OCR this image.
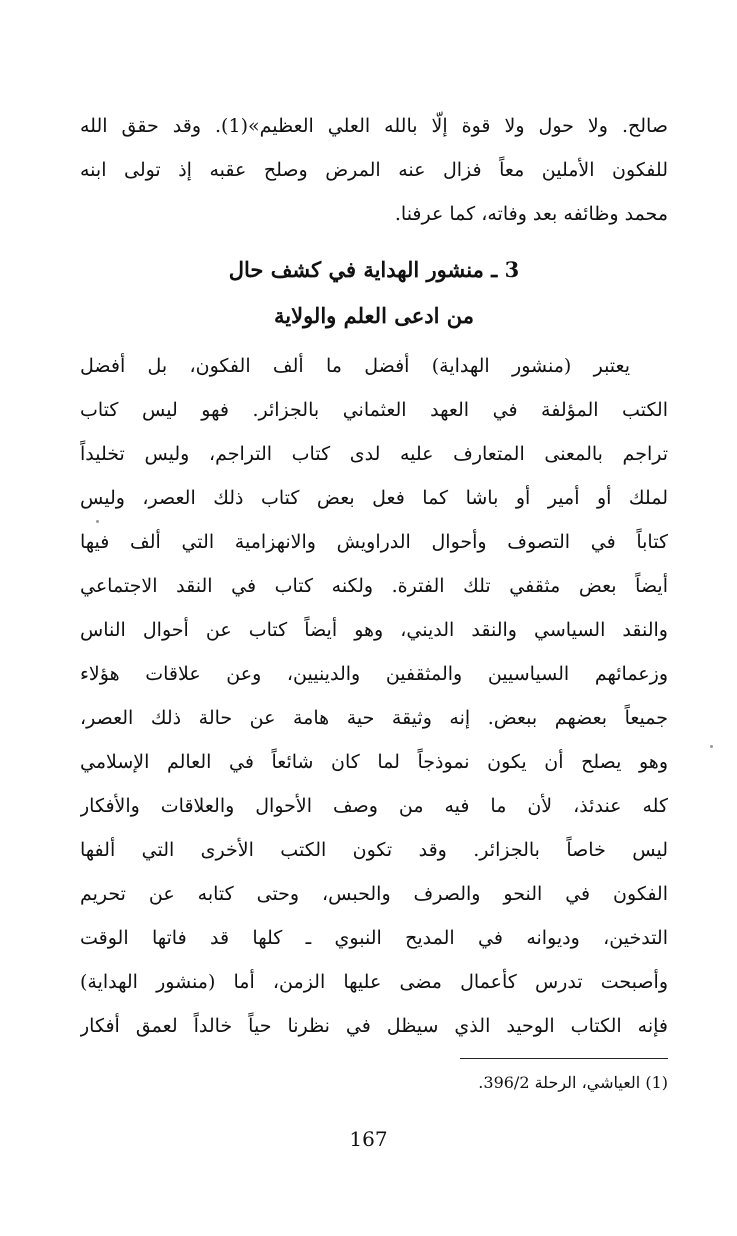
صالح. ولا حول ولا قوة إلّا بالله العلي العظيم»(1). وقد حقق الله
للفكون الأملين معاً فزال عنه المرض وصلح عقبه إذ تولى ابنه
محمد وظائفه بعد وفاته، كما عرفنا.
3 ـ منشور الهداية في كشف حال
من ادعى العلم والولاية
يعتبر (منشور الهداية) أفضل ما ألف الفكون، بل أفضل
الكتب المؤلفة في العهد العثماني بالجزائر. فهو ليس كتاب
تراجم بالمعنى المتعارف عليه لدى كتاب التراجم، وليس تخليداً
لملك أو أمير أو باشا كما فعل بعض كتاب ذلك العصر، وليس
كتاباً في التصوف وأحوال الدراويش والانهزامية التي ألف فيها
أيضاً بعض مثقفي تلك الفترة. ولكنه كتاب في النقد الاجتماعي
والنقد السياسي والنقد الديني، وهو أيضاً كتاب عن أحوال الناس
وزعمائهم السياسيين والمثقفين والدينيين، وعن علاقات هؤلاء
جميعاً بعضهم ببعض. إنه وثيقة حية هامة عن حالة ذلك العصر،
وهو يصلح أن يكون نموذجاً لما كان شائعاً في العالم الإسلامي
كله عندئذ، لأن ما فيه من وصف الأحوال والعلاقات والأفكار
ليس خاصاً بالجزائر. وقد تكون الكتب الأخرى التي ألفها
الفكون في النحو والصرف والحبس، وحتى كتابه عن تحريم
التدخين، وديوانه في المديح النبوي ـ كلها قد فاتها الوقت
وأصبحت تدرس كأعمال مضى عليها الزمن، أما (منشور الهداية)
فإنه الكتاب الوحيد الذي سيظل في نظرنا حياً خالداً لعمق أفكار
(1) العياشي، الرحلة 396/2.
167
